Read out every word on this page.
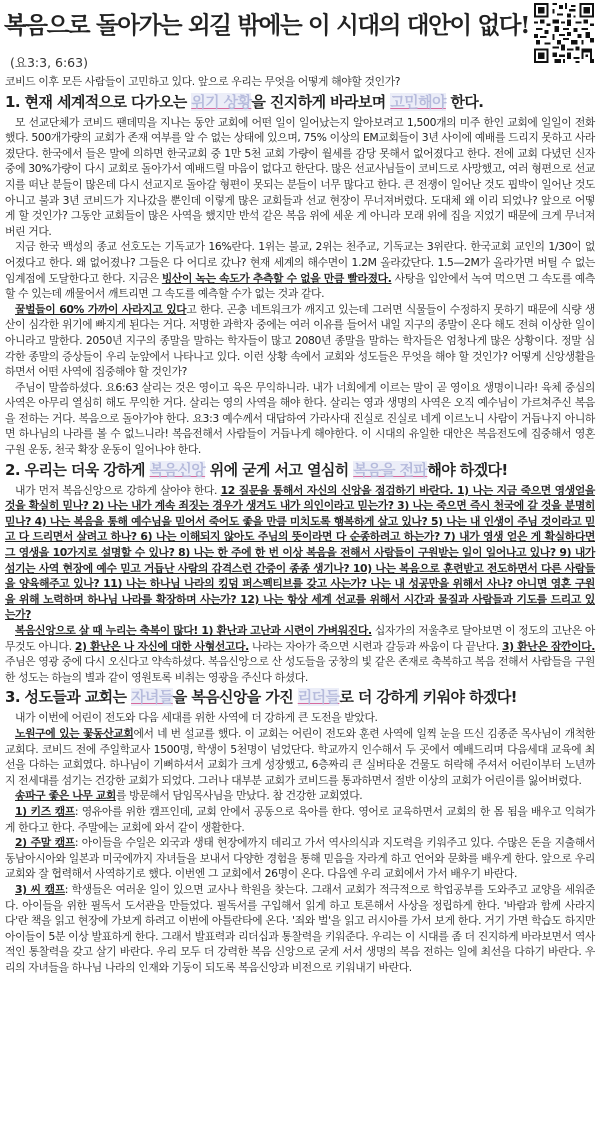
복음으로 돌아가는 외길 밖에는 이 시대의 대안이 없다!
(요3:3, 6:63)

코비드 이후 모든 사람들이 고민하고 있다. 앞으로 우리는 무엇을 어떻게 해야할 것인가?

1. 현재 세계적으로 다가오는 위기 상황을 진지하게 바라보며 고민해야 한다.

모 선교단체가 코비드 팬데믹을 지나는 동안 교회에 어떤 일이 일어났는지 알아보려고 1,500개의 미주 한인 교회에 일일이 전화했다. 500개가량의 교회가 존재 여부를 알 수 없는 상태에 있으며, 75% 이상의 EM교회들이 3년 사이에 예배를 드리지 못하고 사라졌단다. 한국에서 들은 말에 의하면 한국교회 중 1만 5천 교회 가량이 월세를 감당 못해서 없어졌다고 한다. 전에 교회 다녔던 신자 중에 30%가량이 다시 교회로 돌아가서 예배드릴 마음이 없다고 한단다. 많은 선교사님들이 코비드로 사망했고, 여러 형편으로 선교지를 떠난 분들이 많은데 다시 선교지로 돌아갈 형편이 못되는 분들이 너무 많다고 한다. 큰 전쟁이 일어난 것도 핍박이 일어난 것도 아니고 불과 3년 코비드가 지나갔을 뿐인데 이렇게 많은 교회들과 선교 현장이 무너져버렸다. 도대체 왜 이리 되었나? 앞으로 어떻게 할 것인가? 그동안 교회들이 많은 사역을 했지만 반석 같은 복음 위에 세운 게 아니라 모래 위에 집을 지었기 때문에 크게 무너져버린 거다.

지금 한국 백성의 종교 선호도는 기독교가 16%란다. 1위는 불교, 2위는 천주교, 기독교는 3위란다. 한국교회 교인의 1/30이 없어졌다고 한다. 왜 없어졌나? 그들은 다 어디로 갔나? 현재 세계의 해수면이 1.2M 올라갔단다. 1.5—2M가 올라가면 버틸 수 없는 임계점에 도달한다고 한다. 지금은 빙산이 녹는 속도가 추측할 수 없을 만큼 빨라졌다. 사탕을 입안에서 녹여 먹으면 그 속도를 예측할 수 있는데 깨물어서 깨트리면 그 속도를 예측할 수가 없는 것과 같다.

꿀벌들이 60% 가까이 사라지고 있다고 한다. 곤충 네트워크가 깨지고 있는데 그러면 식물들이 수정하지 못하기 때문에 식량 생산이 심각한 위기에 빠지게 된다는 거다. 저명한 과학자 중에는 여러 이유를 들어서 내일 지구의 종말이 온다 해도 전혀 이상한 일이 아니라고 말한다. 2050년 지구의 종말을 말하는 학자들이 많고 2080년 종말을 말하는 학자들은 엄청나게 많은 상황이다. 정말 심각한 종말의 증상들이 우리 눈앞에서 나타나고 있다. 이런 상황 속에서 교회와 성도들은 무엇을 해야 할 것인가? 어떻게 신앙생활을 하면서 어떤 사역에 집중해야 할 것인가?

주님이 말씀하셨다. 요6:63 살리는 것은 영이고 육은 무익하니라. 내가 너희에게 이르는 말이 곧 영이요 생명이니라! 육체 중심의 사역은 아무리 열심히 해도 무익한 거다. 살리는 영의 사역을 해야 한다. 살리는 영과 생명의 사역은 오직 예수님이 가르쳐주신 복음을 전하는 거다. 복음으로 돌아가야 한다. 요3:3 예수께서 대답하여 가라사대 진실로 진실로 네게 이르노니 사람이 거듭나지 아니하면 하나님의 나라를 볼 수 없느니라! 복음전해서 사람들이 거듭나게 해야한다. 이 시대의 유일한 대안은 복음전도에 집중해서 영혼 구원 운동, 천국 확장 운동이 일어나야 한다.

2. 우리는 더욱 강하게 복음신앙 위에 굳게 서고 열심히 복음을 전파해야 하겠다!

내가 먼저 복음신앙으로 강하게 살아야 한다. 12 질문을 통해서 자신의 신앙을 점검하기 바란다. 1) 나는 지금 죽으면 영생얻을 것을 확실히 믿나? 2) 나는 내가 계속 죄짓는 경우가 생겨도 내가 의인이라고 믿는가? 3) 나는 죽으면 즉시 천국에 갈 것을 분명히 믿나? 4) 나는 복음을 통해 예수님을 믿어서 죽어도 좋을 만큼 미치도록 행복하게 살고 있나? 5) 나는 내 인생이 주님 것이라고 믿고 다 드리면서 살려고 하나? 6) 나는 이해되지 않아도 주님의 뜻이라면 다 순종하려고 하는가? 7) 내가 영생 얻은 게 확실하다면 그 영생을 10가지로 설명할 수 있나? 8) 나는 한 주에 한 번 이상 복음을 전해서 사람들이 구원받는 일이 일어나고 있나? 9) 내가 섬기는 사역 현장에 예수 믿고 거듭난 사람의 감격스런 간증이 종종 생기나? 10) 나는 복음으로 훈련받고 전도하면서 다른 사람들을 양육해주고 있나? 11) 나는 하나님 나라의 킹덤 퍼스펙티브를 갖고 사는가? 나는 내 성공만을 위해서 사나? 아니면 영혼 구원을 위해 노력하며 하나님 나라를 확장하며 사는가? 12) 나는 항상 세계 선교를 위해서 시간과 물질과 사람들과 기도를 드리고 있는가?

복음신앙으로 살 때 누리는 축복이 많다! 1) 환난과 고난과 시련이 가벼워진다. 십자가의 저울추로 달아보면 이 정도의 고난은 아무것도 아니다. 2) 환난은 나 자신에 대한 사형선고다. 나라는 자아가 죽으면 시련과 갈등과 싸움이 다 끝난다. 3) 환난은 잠깐이다. 주님은 영광 중에 다시 오신다고 약속하셨다. 복음신앙으로 산 성도들을 궁창의 빛 같은 존재로 축복하고 복음 전해서 사람들을 구원한 성도는 하늘의 별과 같이 영원토록 비취는 영광을 주신다 하셨다.

3. 성도들과 교회는 자녀들을 복음신앙을 가진 리더들로 더 강하게 키워야 하겠다!

내가 이번에 어린이 전도와 다음 세대를 위한 사역에 더 강하게 큰 도전을 받았다.

노원구에 있는 꽃동산교회에서 네 번 설교를 했다. 이 교회는 어린이 전도와 훈련 사역에 일찍 눈을 뜨신 김종준 목사님이 개척한 교회다. 코비드 전에 주일학교사 1500명, 학생이 5천명이 넘었단다. 학교까지 인수해서 두 곳에서 예배드리며 다음세대 교육에 최선을 다하는 교회였다. 하나님이 기뻐하셔서 교회가 크게 성장했고, 6층짜리 큰 실버타운 건물도 허락해 주셔서 어린이부터 노년까지 전세대를 섬기는 건강한 교회가 되었다. 그러나 대부분 교회가 코비드를 통과하면서 절반 이상의 교회가 어린이를 잃어버렸다.

송파구 좋은 나무 교회를 방문해서 담임목사님을 만났다. 참 건강한 교회였다.

1) 키즈 캠프: 영유아를 위한 캠프인데, 교회 안에서 공동으로 육아를 한다. 영어로 교육하면서 교회의 한 몸 됨을 배우고 익혀가게 한다고 한다. 주말에는 교회에 와서 같이 생활한다.

2) 주말 캠프: 아이들을 수일은 외국과 생태 현장에까지 데리고 가서 역사의식과 지도력을 키워주고 있다. 수많은 돈을 지출해서 동남아시아와 일본과 미국에까지 자녀들을 보내서 다양한 경험을 통해 믿음을 자라게 하고 언어와 문화를 배우게 한다. 앞으로 우리 교회와 잘 협력해서 사역하기로 했다. 이번엔 그 교회에서 26명이 온다. 다음엔 우리 교회에서 가서 배우기 바란다.

3) 씨 캠프: 학생들은 여러운 일이 있으면 교사나 학원을 찾는다. 그래서 교회가 적극적으로 학업공부를 도와주고 교양을 세워준다. 아이들을 위한 필독서 도서관을 만들었다. 필독서를 구입해서 읽게 하고 토론해서 사상을 정립하게 한다. '바람과 함께 사라지다'란 책을 읽고 현장에 가보게 하려고 이번에 아틀란타에 온다. '죄와 벌'을 읽고 러시아를 가서 보게 한다. 거기 가면 학습도 하지만 아이들이 5분 이상 발표하게 한다. 그래서 발표력과 리더십과 통찰력을 키워준다. 우리는 이 시대를 좀 더 진지하게 바라보면서 역사적인 통찰력을 갖고 살기 바란다. 우리 모두 더 강력한 복음 신앙으로 굳게 서서 생명의 복음 전하는 일에 최선을 다하기 바란다. 우리의 자녀들을 하나님 나라의 인재와 기둥이 되도록 복음신앙과 비전으로 키워내기 바란다.
